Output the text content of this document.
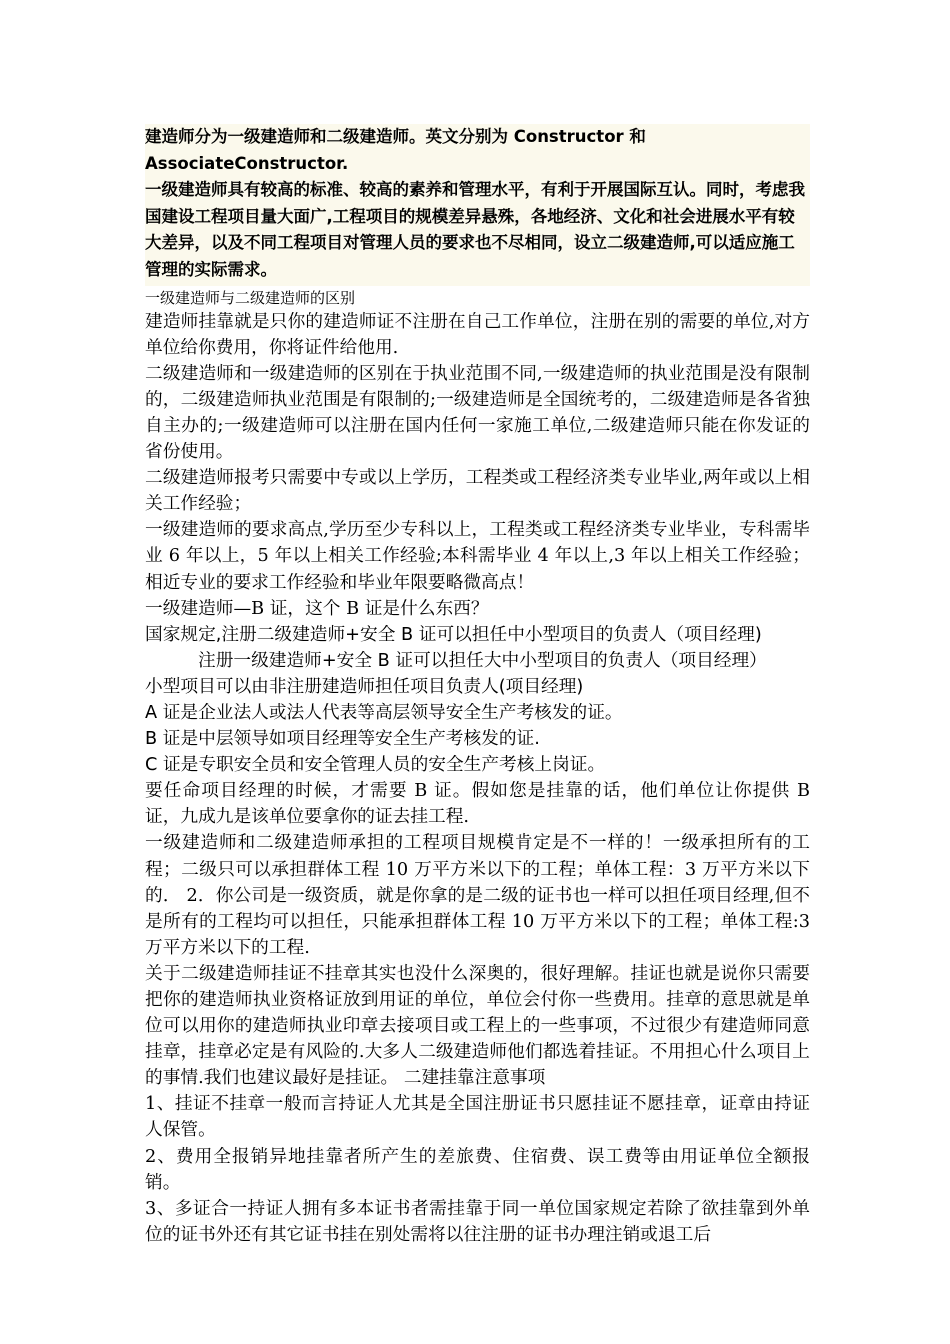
建造师分为一级建造师和二级建造师。英文分别为 Constructor 和 AssociateConstructor.
一级建造师具有较高的标准、较高的素养和管理水平，有利于开展国际互认。同时，考虑我国建设工程项目量大面广,工程项目的规模差异悬殊，各地经济、文化和社会进展水平有较大差异，以及不同工程项目对管理人员的要求也不尽相同，设立二级建造师,可以适应施工管理的实际需求。
一级建造师与二级建造师的区别

建造师挂靠就是只你的建造师证不注册在自己工作单位，注册在别的需要的单位,对方单位给你费用，你将证件给他用.

二级建造师和一级建造师的区别在于执业范围不同,一级建造师的执业范围是没有限制的，二级建造师执业范围是有限制的;一级建造师是全国统考的，二级建造师是各省独自主办的;一级建造师可以注册在国内任何一家施工单位,二级建造师只能在你发证的省份使用。

二级建造师报考只需要中专或以上学历，工程类或工程经济类专业毕业,两年或以上相关工作经验；

一级建造师的要求高点,学历至少专科以上，工程类或工程经济类专业毕业，专科需毕业 6 年以上，5 年以上相关工作经验;本科需毕业 4 年以上,3 年以上相关工作经验；相近专业的要求工作经验和毕业年限要略微高点！

一级建造师—B 证，这个 B 证是什么东西？

国家规定,注册二级建造师+安全 B 证可以担任中小型项目的负责人（项目经理)

注册一级建造师+安全 B 证可以担任大中小型项目的负责人（项目经理）

小型项目可以由非注册建造师担任项目负责人(项目经理)

A 证是企业法人或法人代表等高层领导安全生产考核发的证。

B 证是中层领导如项目经理等安全生产考核发的证.

C 证是专职安全员和安全管理人员的安全生产考核上岗证。

要任命项目经理的时候，才需要 B 证。假如您是挂靠的话，他们单位让你提供 B 证，九成九是该单位要拿你的证去挂工程.

一级建造师和二级建造师承担的工程项目规模肯定是不一样的！一级承担所有的工程；二级只可以承担群体工程 10 万平方米以下的工程；单体工程：3 万平方米以下的． 2．你公司是一级资质，就是你拿的是二级的证书也一样可以担任项目经理,但不是所有的工程均可以担任，只能承担群体工程 10 万平方米以下的工程；单体工程:3 万平方米以下的工程.

关于二级建造师挂证不挂章其实也没什么深奥的，很好理解。挂证也就是说你只需要把你的建造师执业资格证放到用证的单位，单位会付你一些费用。挂章的意思就是单位可以用你的建造师执业印章去接项目或工程上的一些事项，不过很少有建造师同意挂章，挂章必定是有风险的.大多人二级建造师他们都选着挂证。不用担心什么项目上的事情.我们也建议最好是挂证。 二建挂靠注意事项

1、挂证不挂章一般而言持证人尤其是全国注册证书只愿挂证不愿挂章，证章由持证人保管。

2、费用全报销异地挂靠者所产生的差旅费、住宿费、误工费等由用证单位全额报销。

3、多证合一持证人拥有多本证书者需挂靠于同一单位国家规定若除了欲挂靠到外单位的证书外还有其它证书挂在别处需将以往注册的证书办理注销或退工后
